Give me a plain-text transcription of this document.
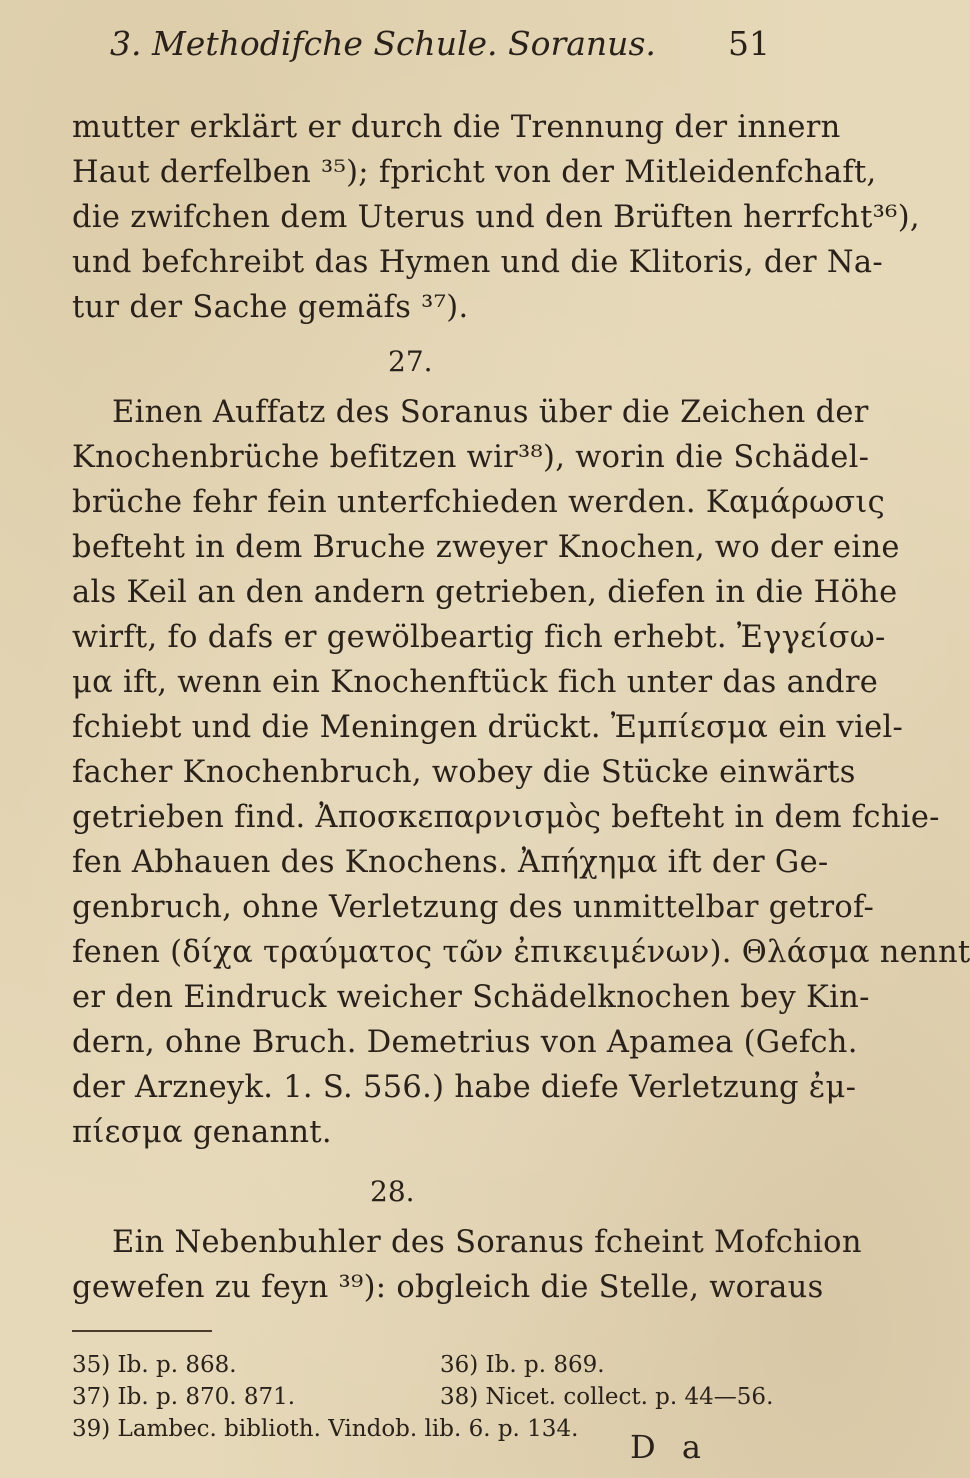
3. Methodifche Schule. Soranus. 51
mutter erklärt er durch die Trennung der innern
Haut derfelben ³⁵); fpricht von der Mitleidenfchaft,
die zwifchen dem Uterus und den Brüften herrfcht³⁶),
und befchreibt das Hymen und die Klitoris, der Na-
tur der Sache gemäfs ³⁷).
27.
Einen Auffatz des Soranus über die Zeichen der
Knochenbrüche befitzen wir³⁸), worin die Schädel-
brüche fehr fein unterfchieden werden. Καμάρωσις
befteht in dem Bruche zweyer Knochen, wo der eine
als Keil an den andern getrieben, diefen in die Höhe
wirft, fo dafs er gewölbeartig fich erhebt. Ἐγγείσω-
μα ift, wenn ein Knochenftück fich unter das andre
fchiebt und die Meningen drückt. Ἐμπίεσμα ein viel-
facher Knochenbruch, wobey die Stücke einwärts
getrieben find. Ἀποσκεπαρνισμὸς befteht in dem fchie-
fen Abhauen des Knochens. Ἀπήχημα ift der Ge-
genbruch, ohne Verletzung des unmittelbar getrof-
fenen (δίχα τραύματος τῶν ἐπικειμένων). Θλάσμα nennt
er den Eindruck weicher Schädelknochen bey Kin-
dern, ohne Bruch. Demetrius von Apamea (Gefch.
der Arzneyk. 1. S. 556.) habe diefe Verletzung ἐμ-
πίεσμα genannt.
28.
Ein Nebenbuhler des Soranus fcheint Mofchion
gewefen zu feyn ³⁹): obgleich die Stelle, woraus
35) Ib. p. 868.	36) Ib. p. 869.
37) Ib. p. 870. 871.	38) Nicet. collect. p. 44—56.
39) Lambec. biblioth. Vindob. lib. 6. p. 134. D a
